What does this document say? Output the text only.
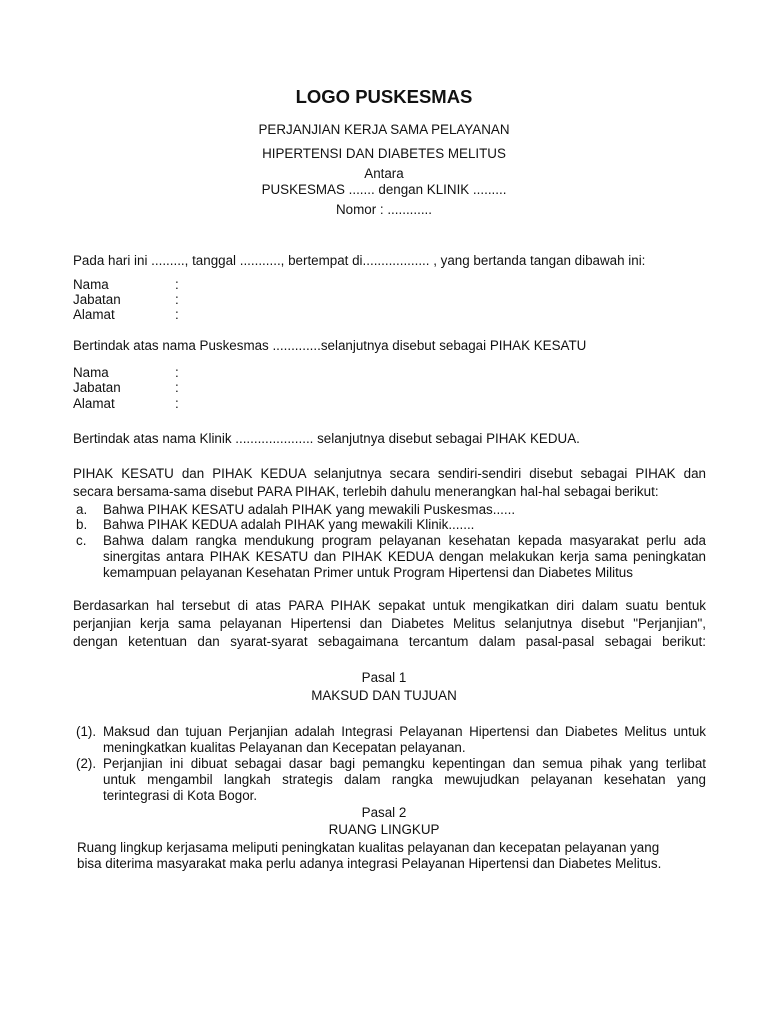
LOGO PUSKESMAS
PERJANJIAN KERJA SAMA PELAYANAN
HIPERTENSI DAN DIABETES MELITUS
Antara
PUSKESMAS ....... dengan KLINIK .........
Nomor : ............
Pada hari ini ........., tanggal ..........., bertempat di.................. , yang bertanda tangan dibawah ini:
Nama	:
Jabatan	:
Alamat	:
Bertindak atas nama Puskesmas .............selanjutnya disebut sebagai PIHAK KESATU
Nama	:
Jabatan	:
Alamat	:
Bertindak atas nama Klinik ..................... selanjutnya disebut sebagai PIHAK KEDUA.
PIHAK KESATU dan PIHAK KEDUA selanjutnya secara sendiri-sendiri disebut sebagai PIHAK dan
secara bersama-sama disebut PARA PIHAK, terlebih dahulu menerangkan hal-hal sebagai berikut:
a. Bahwa PIHAK KESATU adalah PIHAK yang mewakili Puskesmas......
b. Bahwa PIHAK KEDUA adalah PIHAK yang mewakili Klinik.......
c. Bahwa dalam rangka mendukung program pelayanan kesehatan kepada masyarakat perlu ada
sinergitas antara PIHAK KESATU dan PIHAK KEDUA dengan melakukan kerja sama peningkatan
kemampuan pelayanan Kesehatan Primer untuk Program Hipertensi dan Diabetes Militus
Berdasarkan hal tersebut di atas PARA PIHAK sepakat untuk mengikatkan diri dalam suatu bentuk
perjanjian kerja sama pelayanan Hipertensi dan Diabetes Melitus selanjutnya disebut "Perjanjian",
dengan ketentuan dan syarat-syarat sebagaimana tercantum dalam pasal-pasal sebagai berikut:
Pasal 1
MAKSUD DAN TUJUAN
(1). Maksud dan tujuan Perjanjian adalah Integrasi Pelayanan Hipertensi dan Diabetes Melitus untuk
meningkatkan kualitas Pelayanan dan Kecepatan pelayanan.
(2). Perjanjian ini dibuat sebagai dasar bagi pemangku kepentingan dan semua pihak yang terlibat
untuk mengambil langkah strategis dalam rangka mewujudkan pelayanan kesehatan yang
terintegrasi di Kota Bogor.
Pasal 2
RUANG LINGKUP
Ruang lingkup kerjasama meliputi peningkatan kualitas pelayanan dan kecepatan pelayanan yang
bisa diterima masyarakat maka perlu adanya integrasi Pelayanan Hipertensi dan Diabetes Melitus.
